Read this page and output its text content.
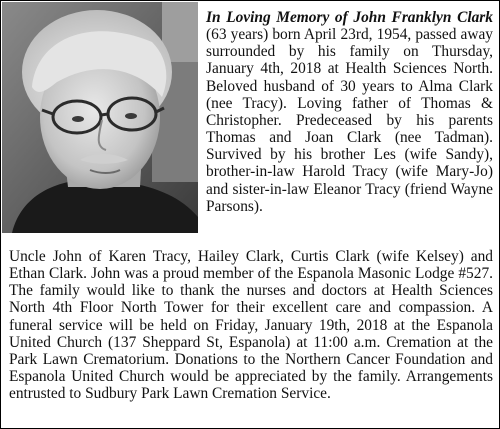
In Loving Memory of John Franklyn Clark (63 years) born April 23rd, 1954, passed away surrounded by his family on Thursday, January 4th, 2018 at Health Sciences North. Beloved husband of 30 years to Alma Clark (nee Tracy). Loving father of Thomas & Christopher. Predeceased by his parents Thomas and Joan Clark (nee Tadman). Survived by his brother Les (wife Sandy), brother-in-law Harold Tracy (wife Mary-Jo) and sister-in-law Eleanor Tracy (friend Wayne Parsons).
Uncle John of Karen Tracy, Hailey Clark, Curtis Clark (wife Kelsey) and Ethan Clark. John was a proud member of the Espanola Masonic Lodge #527. The family would like to thank the nurses and doctors at Health Sciences North 4th Floor North Tower for their excellent care and compassion. A funeral service will be held on Friday, January 19th, 2018 at the Espanola United Church (137 Sheppard St, Espanola) at 11:00 a.m. Cremation at the Park Lawn Crematorium. Donations to the Northern Cancer Foundation and Espanola United Church would be appreciated by the family. Arrangements entrusted to Sudbury Park Lawn Cremation Service.
